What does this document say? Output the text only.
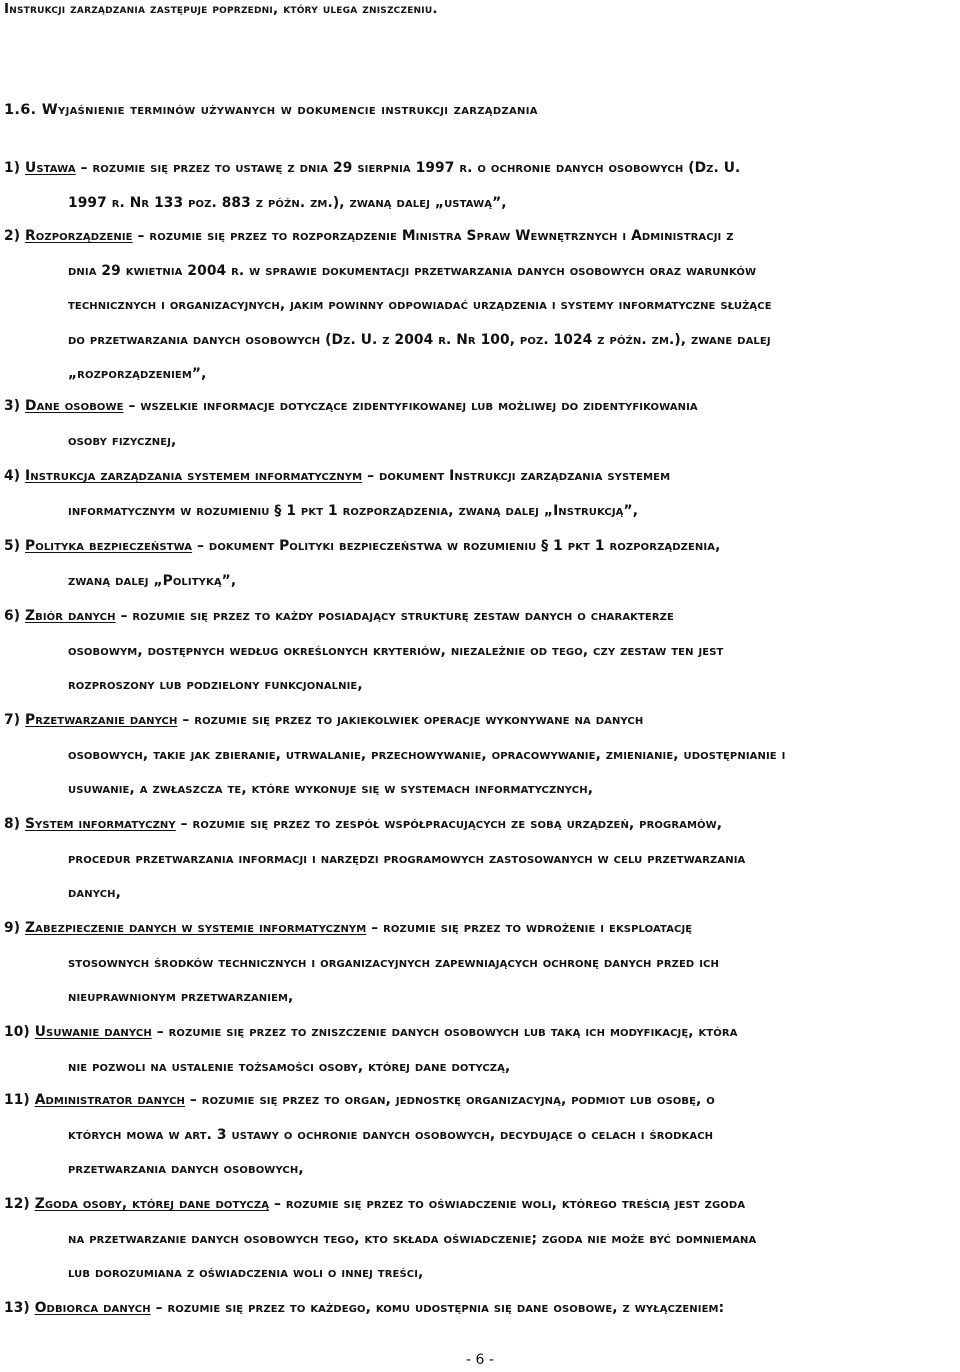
Instrukcji zarządzania zastępuje poprzedni, który ulega zniszczeniu.
1.6. Wyjaśnienie terminów używanych w dokumencie instrukcji zarządzania
1) Ustawa – rozumie się przez to ustawę z dnia 29 sierpnia 1997 r. o ochronie danych osobowych (Dz. U.
1997 r. Nr 133 poz. 883 z późn. zm.), zwaną dalej „ustawą”,
2) Rozporządzenie – rozumie się przez to rozporządzenie Ministra Spraw Wewnętrznych i Administracji z
dnia 29 kwietnia 2004 r. w sprawie dokumentacji przetwarzania danych osobowych oraz warunków
technicznych i organizacyjnych, jakim powinny odpowiadać urządzenia i systemy informatyczne służące
do przetwarzania danych osobowych (Dz. U. z 2004 r. Nr 100, poz. 1024 z późn. zm.), zwane dalej
„rozporządzeniem”,
3) Dane osobowe – wszelkie informacje dotyczące zidentyfikowanej lub możliwej do zidentyfikowania
osoby fizycznej,
4) Instrukcja zarządzania systemem informatycznym – dokument Instrukcji zarządzania systemem
informatycznym w rozumieniu § 1 pkt 1 rozporządzenia, zwaną dalej „Instrukcją”,
5) Polityka bezpieczeństwa – dokument Polityki bezpieczeństwa w rozumieniu § 1 pkt 1 rozporządzenia,
zwaną dalej „Polityką”,
6) Zbiór danych – rozumie się przez to każdy posiadający strukturę zestaw danych o charakterze
osobowym, dostępnych według określonych kryteriów, niezależnie od tego, czy zestaw ten jest
rozproszony lub podzielony funkcjonalnie,
7) Przetwarzanie danych – rozumie się przez to jakiekolwiek operacje wykonywane na danych
osobowych, takie jak zbieranie, utrwalanie, przechowywanie, opracowywanie, zmienianie, udostępnianie i
usuwanie, a zwłaszcza te, które wykonuje się w systemach informatycznych,
8) System informatyczny – rozumie się przez to zespół współpracujących ze sobą urządzeń, programów,
procedur przetwarzania informacji i narzędzi programowych zastosowanych w celu przetwarzania
danych,
9) Zabezpieczenie danych w systemie informatycznym – rozumie się przez to wdrożenie i eksploatację
stosownych środków technicznych i organizacyjnych zapewniających ochronę danych przed ich
nieuprawnionym przetwarzaniem,
10) Usuwanie danych – rozumie się przez to zniszczenie danych osobowych lub taką ich modyfikację, która
nie pozwoli na ustalenie tożsamości osoby, której dane dotyczą,
11) Administrator danych – rozumie się przez to organ, jednostkę organizacyjną, podmiot lub osobę, o
których mowa w art. 3 ustawy o ochronie danych osobowych, decydujące o celach i środkach
przetwarzania danych osobowych,
12) Zgoda osoby, której dane dotyczą – rozumie się przez to oświadczenie woli, którego treścią jest zgoda
na przetwarzanie danych osobowych tego, kto składa oświadczenie; zgoda nie może być domniemana
lub dorozumiana z oświadczenia woli o innej treści,
13) Odbiorca danych – rozumie się przez to każdego, komu udostępnia się dane osobowe, z wyłączeniem:
- 6 -
